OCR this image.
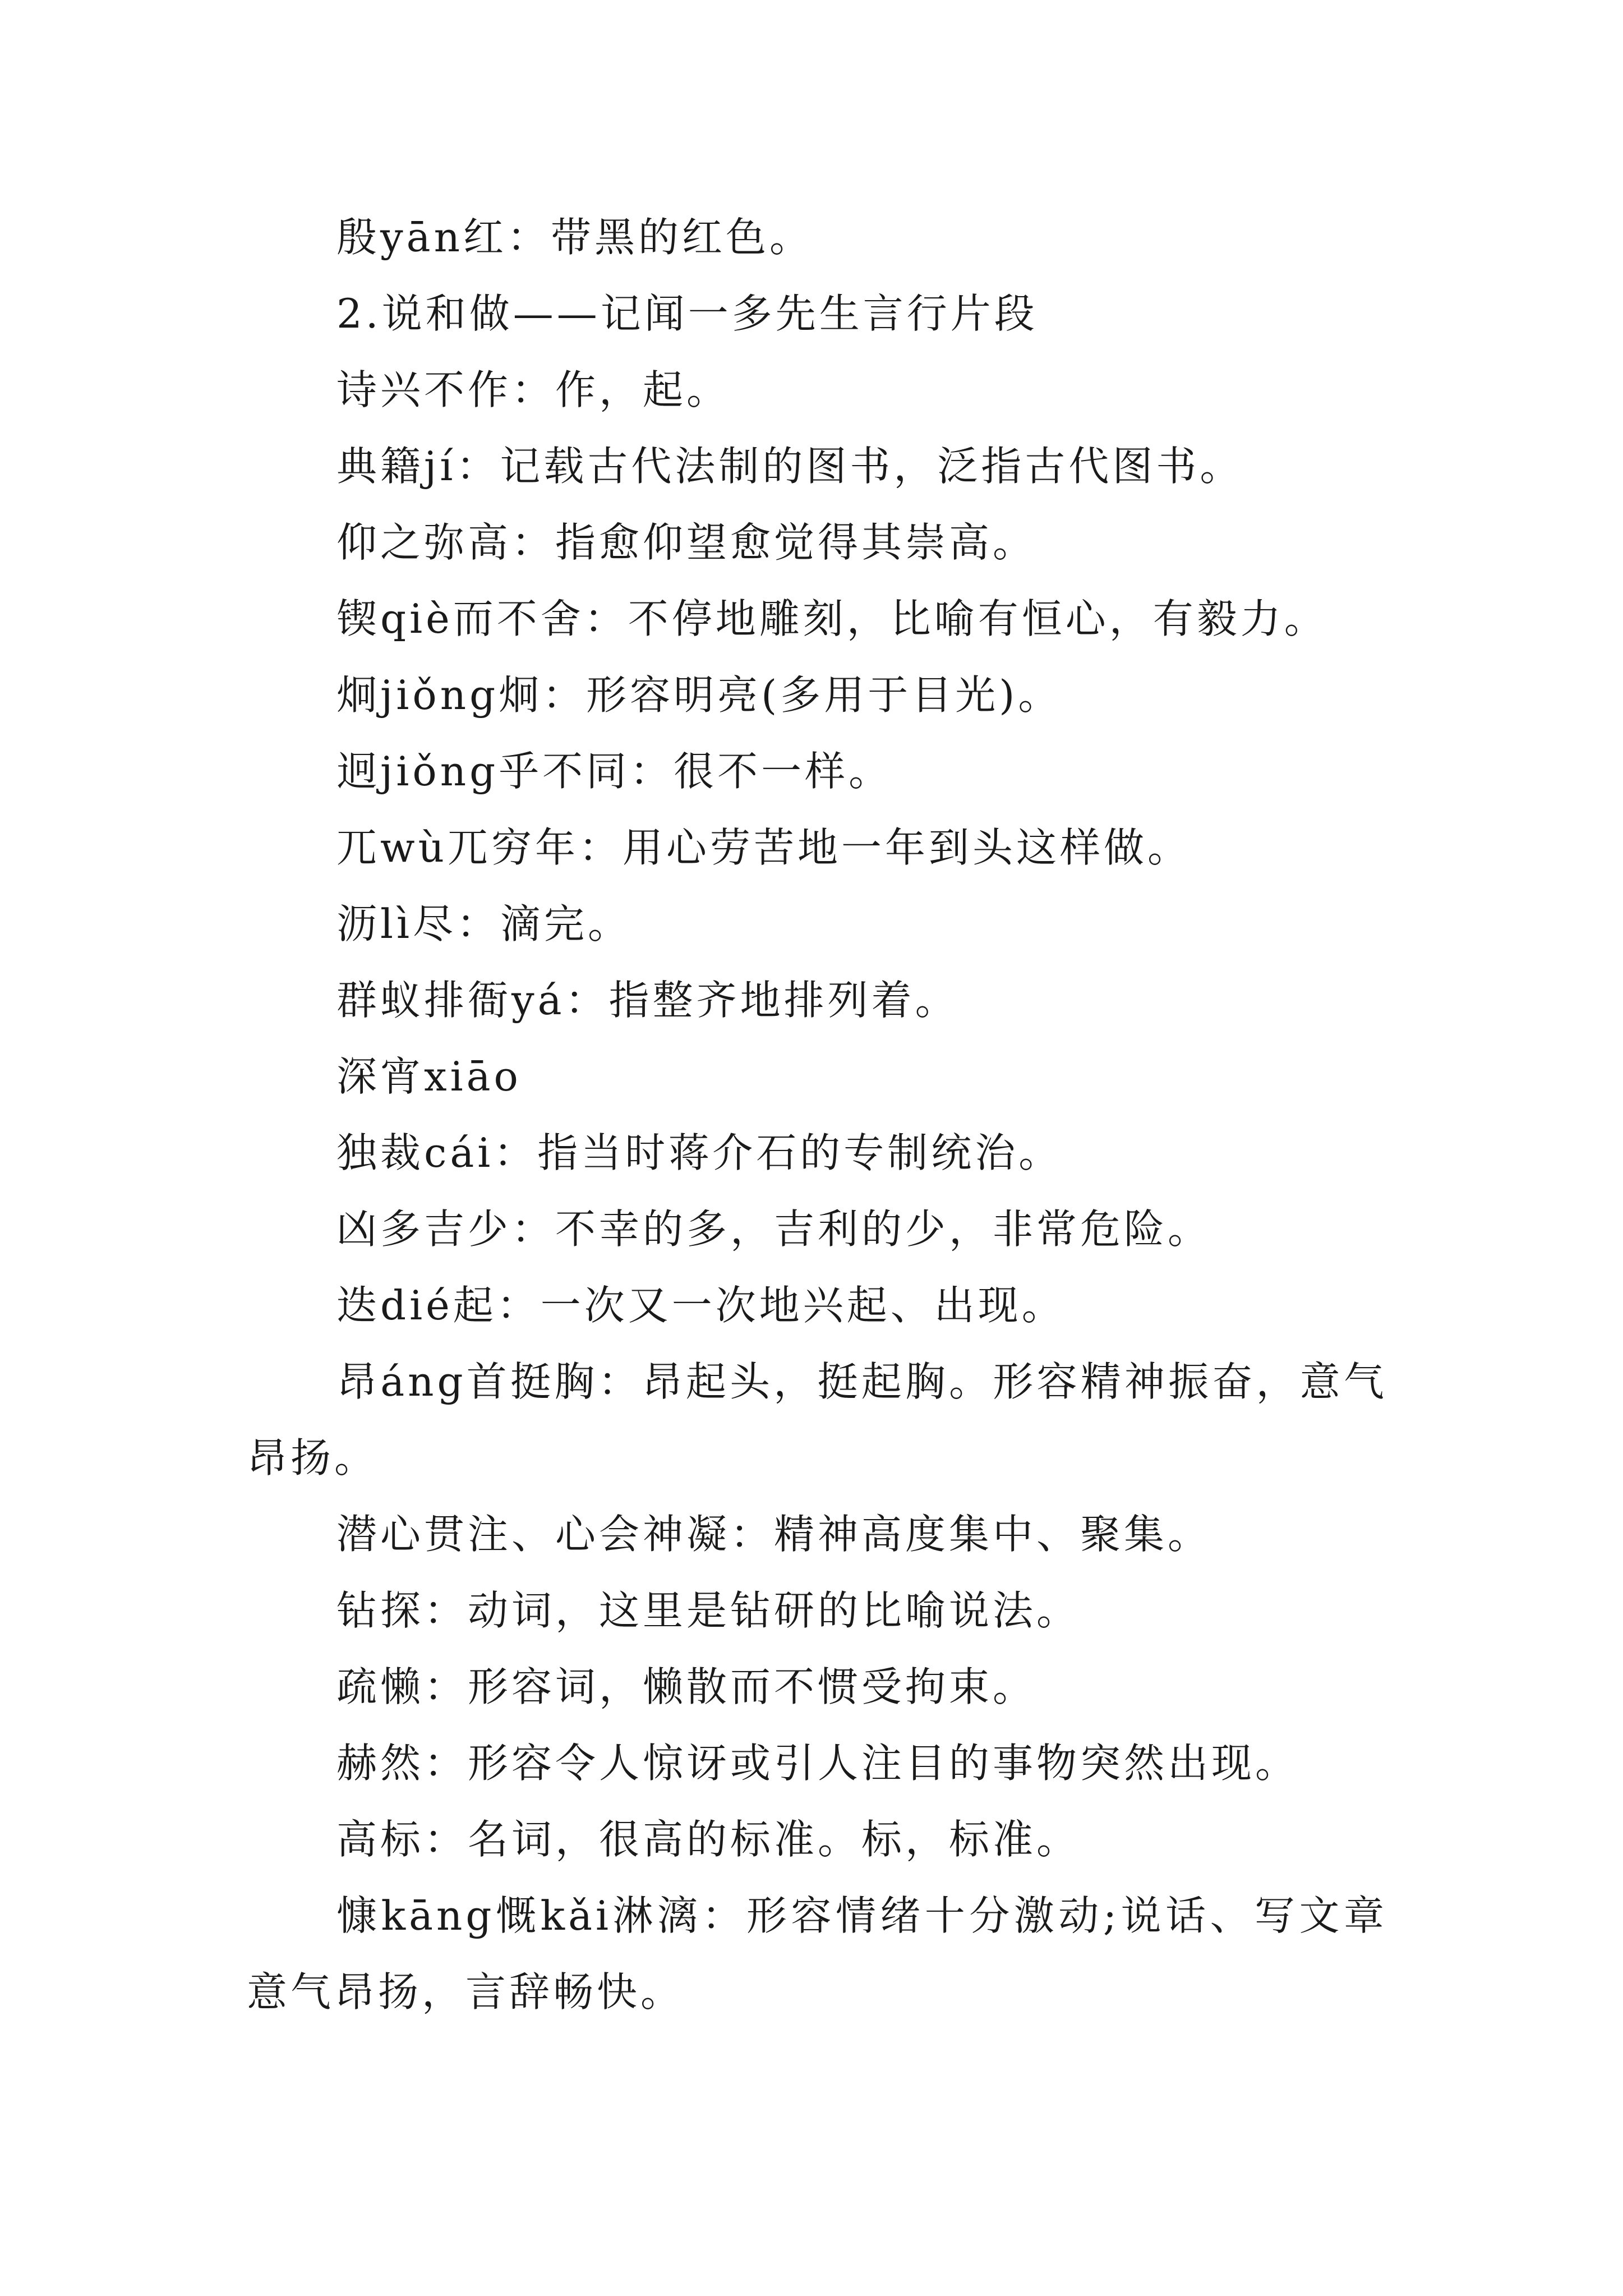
殷yān红：带黑的红色。
2.说和做——记闻一多先生言行片段
诗兴不作：作，起。
典籍jí：记载古代法制的图书，泛指古代图书。
仰之弥高：指愈仰望愈觉得其崇高。
锲qiè而不舍：不停地雕刻，比喻有恒心，有毅力。
炯jiǒng炯：形容明亮(多用于目光)。
迥jiǒng乎不同：很不一样。
兀wù兀穷年：用心劳苦地一年到头这样做。
沥lì尽：滴完。
群蚁排衙yá：指整齐地排列着。
深宵xiāo
独裁cái：指当时蒋介石的专制统治。
凶多吉少：不幸的多，吉利的少，非常危险。
迭dié起：一次又一次地兴起、出现。
昂áng首挺胸：昂起头，挺起胸。形容精神振奋，意气昂扬。
潜心贯注、心会神凝：精神高度集中、聚集。
钻探：动词，这里是钻研的比喻说法。
疏懒：形容词，懒散而不惯受拘束。
赫然：形容令人惊讶或引人注目的事物突然出现。
高标：名词，很高的标准。标，标准。
慷kāng慨kǎi淋漓：形容情绪十分激动;说话、写文章意气昂扬，言辞畅快。
